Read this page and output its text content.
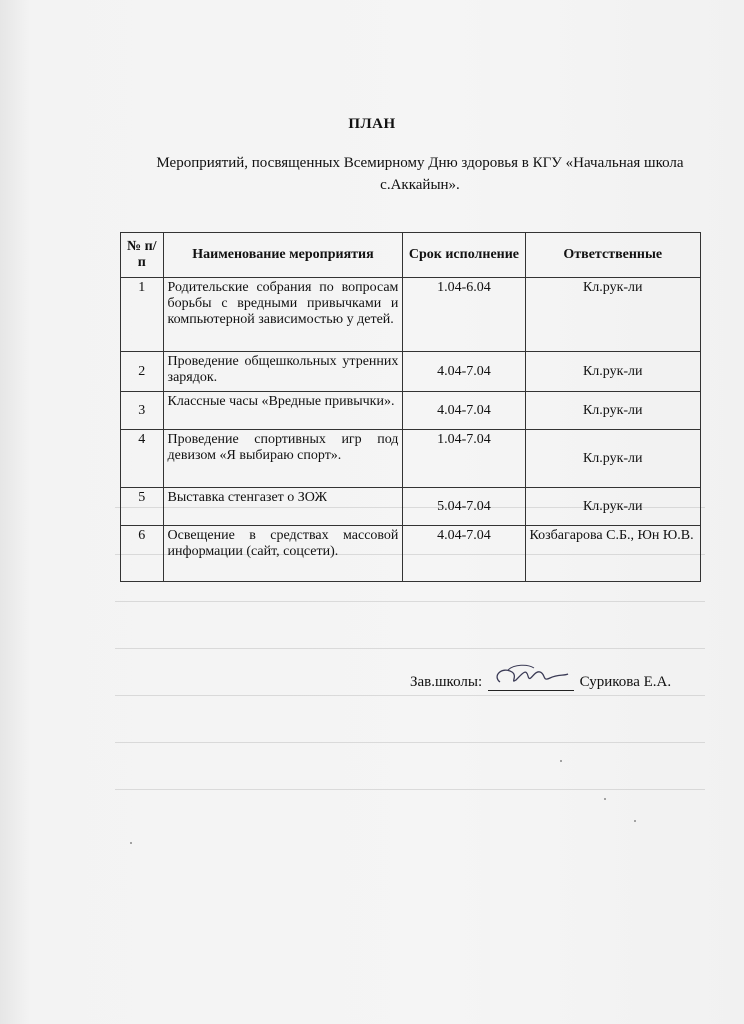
ПЛАН
Мероприятий, посвященных Всемирному Дню здоровья в КГУ «Начальная школа с.Аккайын».
№ п/п	Наименование мероприятия	Срок исполнение	Ответственные
1	Родительские собрания по вопросам борьбы с вредными привычками и компьютерной зависимостью у детей.	1.04-6.04	Кл.рук-ли
2	Проведение общешкольных утренних зарядок.	4.04-7.04	Кл.рук-ли
3	Классные часы «Вредные привычки».	4.04-7.04	Кл.рук-ли
4	Проведение спортивных игр под девизом «Я выбираю спорт».	1.04-7.04	Кл.рук-ли
5	Выставка стенгазет о ЗОЖ	5.04-7.04	Кл.рук-ли
6	Освещение в средствах массовой информации (сайт, соцсети).	4.04-7.04	Козбагарова С.Б., Юн Ю.В.
Зав.школы:	Сурикова Е.А.
